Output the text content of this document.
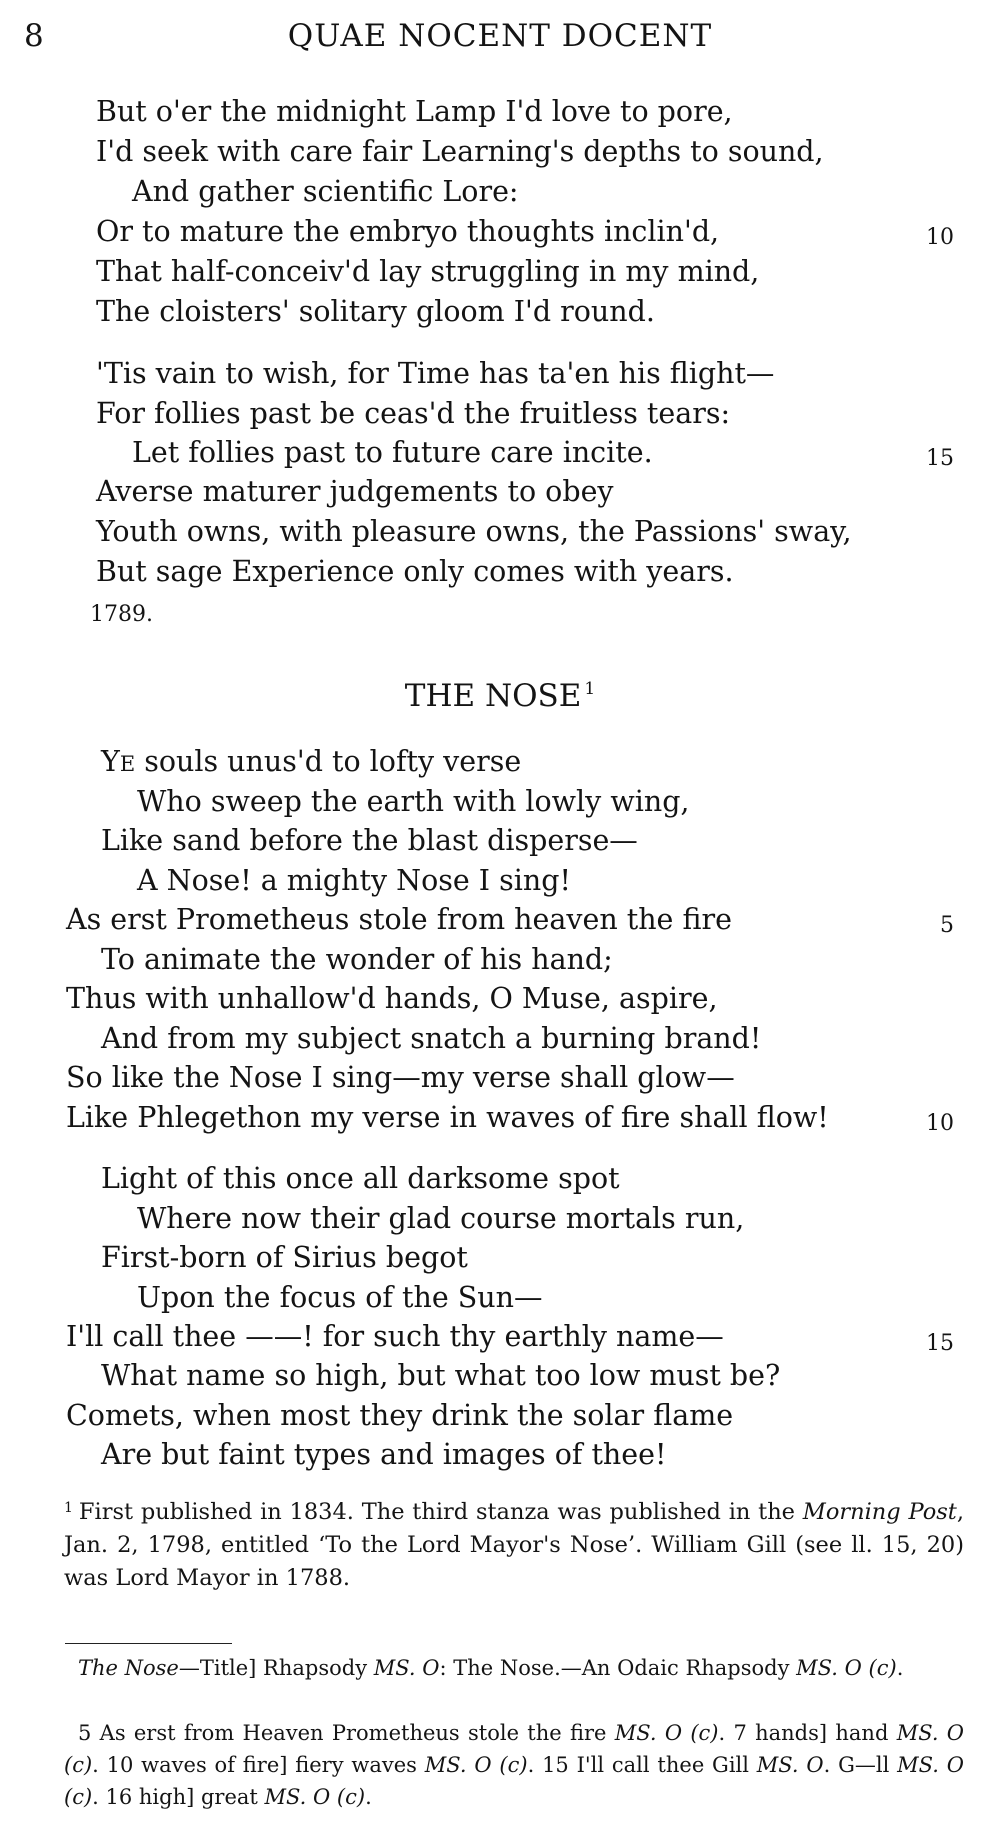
8	QUAE NOCENT DOCENT
But o'er the midnight Lamp I'd love to pore,
I'd seek with care fair Learning's depths to sound,
And gather scientific Lore:
Or to mature the embryo thoughts inclin'd,	10
That half-conceiv'd lay struggling in my mind,
The cloisters' solitary gloom I'd round.
'Tis vain to wish, for Time has ta'en his flight—
For follies past be ceas'd the fruitless tears:
Let follies past to future care incite.	15
Averse maturer judgements to obey
Youth owns, with pleasure owns, the Passions' sway,
But sage Experience only comes with years.
1789.
THE NOSE $^1$
YE souls unus'd to lofty verse
Who sweep the earth with lowly wing,
Like sand before the blast disperse—
A Nose! a mighty Nose I sing!
As erst Prometheus stole from heaven the fire	5
To animate the wonder of his hand;
Thus with unhallow'd hands, O Muse, aspire,
And from my subject snatch a burning brand!
So like the Nose I sing—my verse shall glow—
Like Phlegethon my verse in waves of fire shall flow!	10
Light of this once all darksome spot
Where now their glad course mortals run,
First-born of Sirius begot
Upon the focus of the Sun—
I'll call thee ——! for such thy earthly name—	15
What name so high, but what too low must be?
Comets, when most they drink the solar flame
Are but faint types and images of thee!
$^1$ First published in 1834. The third stanza was published in the Morning Post, Jan. 2, 1798, entitled ‘To the Lord Mayor's Nose’. William Gill (see ll. 15, 20) was Lord Mayor in 1788.
The Nose—Title] Rhapsody MS. O: The Nose.—An Odaic Rhapsody MS. O (c).
5 As erst from Heaven Prometheus stole the fire MS. O (c). 7 hands] hand MS. O (c). 10 waves of fire] fiery waves MS. O (c). 15 I'll call thee Gill MS. O. G—ll MS. O (c). 16 high] great MS. O (c).
